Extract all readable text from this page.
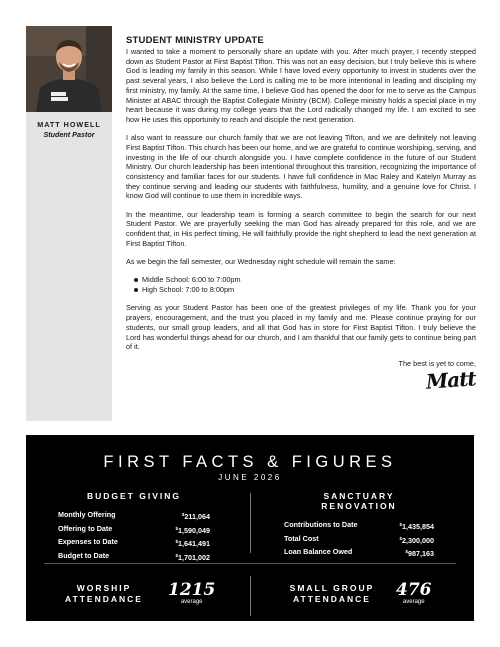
MATT HOWELL
Student Pastor
STUDENT MINISTRY UPDATE

I wanted to take a moment to personally share an update with you. After much prayer, I recently stepped down as Student Pastor at First Baptist Tifton. This was not an easy decision, but I truly believe this is where God is leading my family in this season. While I have loved every opportunity to invest in students over the past several years, I also believe the Lord is calling me to be more intentional in leading and discipling my first ministry, my family. At the same time, I believe God has opened the door for me to serve as the Campus Minister at ABAC through the Baptist Collegiate Ministry (BCM). College ministry holds a special place in my heart because it was during my college years that the Lord radically changed my life. I am excited to see how He uses this opportunity to reach and disciple the next generation.

I also want to reassure our church family that we are not leaving Tifton, and we are definitely not leaving First Baptist Tifton. This church has been our home, and we are grateful to continue worshiping, serving, and investing in the life of our church alongside you. I have complete confidence in the future of our Student Ministry. Our church leadership has been intentional throughout this transition, recognizing the importance of consistency and familiar faces for our students. I have full confidence in Mac Raley and Katelyn Murray as they continue serving and leading our students with faithfulness, humility, and a genuine love for Christ. I know God will continue to use them in incredible ways.

In the meantime, our leadership team is forming a search committee to begin the search for our next Student Pastor. We are prayerfully seeking the man God has already prepared for this role, and we are confident that, in His perfect timing, He will faithfully provide the right shepherd to lead the next generation at First Baptist Tifton.

As we begin the fall semester, our Wednesday night schedule will remain the same:

Middle School: 6:00 to 7:00pm
High School: 7:00 to 8:00pm

Serving as your Student Pastor has been one of the greatest privileges of my life. Thank you for your prayers, encouragement, and the trust you placed in my family and me. Please continue praying for our students, our small group leaders, and all that God has in store for First Baptist Tifton. I truly believe the Lord has wonderful things ahead for our church, and I am thankful that our family gets to continue being part of it.

The best is yet to come,
Matt
FIRST FACTS & FIGURES
JUNE 2026
BUDGET GIVING
Monthly Offering	$211,064
Offering to Date	$1,590,049
Expenses to Date	$1,641,491
Budget to Date	$1,701,002
SANCTUARY RENOVATION
Contributions to Date	$1,435,854
Total Cost	$2,300,000
Loan Balance Owed	$987,163
WORSHIP
ATTENDANCE	1215
average
SMALL GROUP
ATTENDANCE	476
average
